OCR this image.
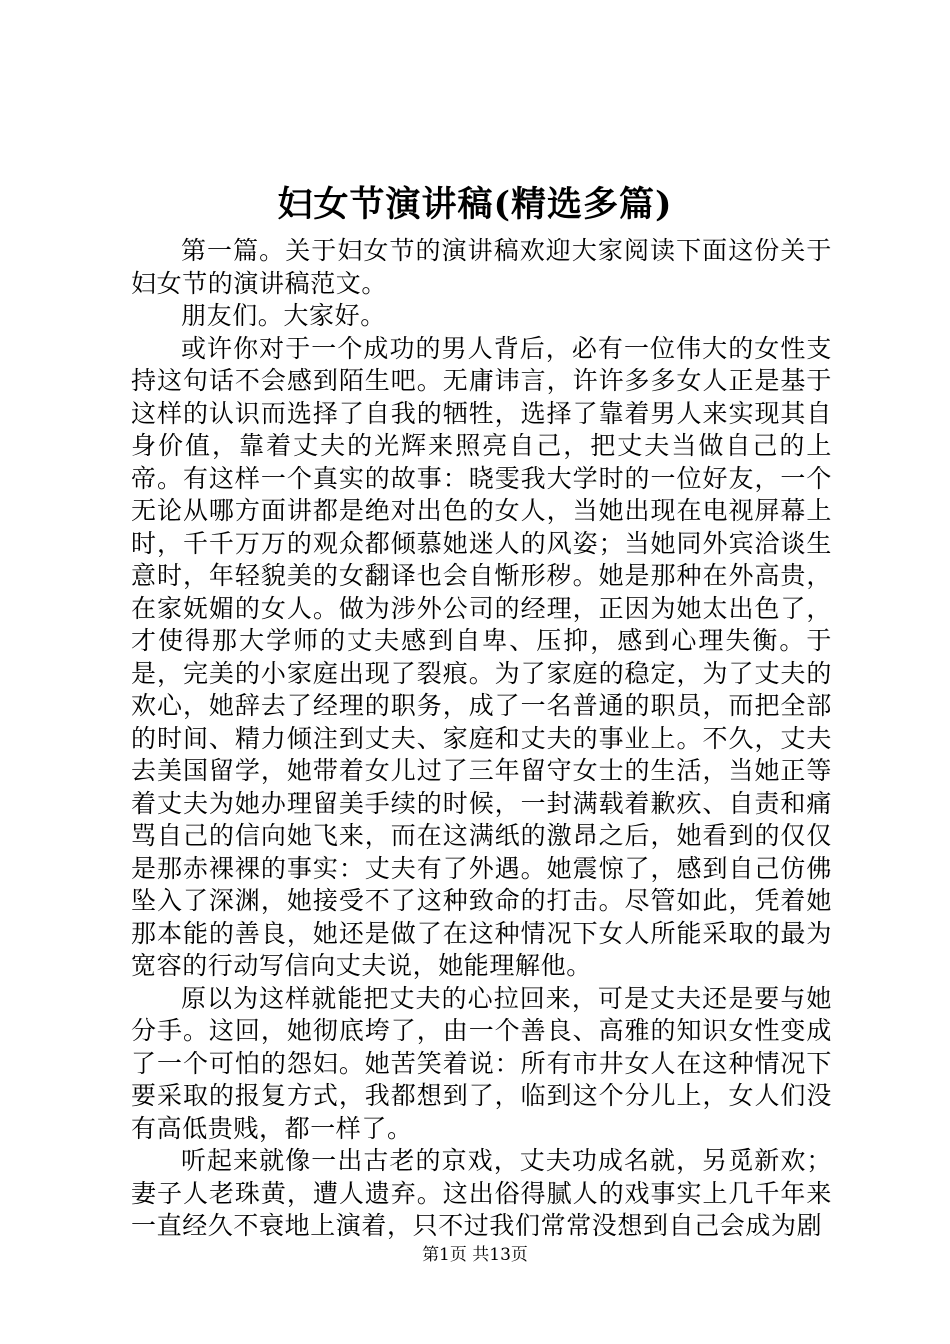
妇女节演讲稿(精选多篇)

第一篇。关于妇女节的演讲稿欢迎大家阅读下面这份关于妇女节的演讲稿范文。

朋友们。大家好。

或许你对于一个成功的男人背后，必有一位伟大的女性支持这句话不会感到陌生吧。无庸讳言，许许多多女人正是基于这样的认识而选择了自我的牺牲，选择了靠着男人来实现其自身价值，靠着丈夫的光辉来照亮自己，把丈夫当做自己的上帝。有这样一个真实的故事：晓雯我大学时的一位好友，一个无论从哪方面讲都是绝对出色的女人，当她出现在电视屏幕上时，千千万万的观众都倾慕她迷人的风姿；当她同外宾洽谈生意时，年轻貌美的女翻译也会自惭形秽。她是那种在外高贵，在家妩媚的女人。做为涉外公司的经理，正因为她太出色了，才使得那大学师的丈夫感到自卑、压抑，感到心理失衡。于是，完美的小家庭出现了裂痕。为了家庭的稳定，为了丈夫的欢心，她辞去了经理的职务，成了一名普通的职员，而把全部的时间、精力倾注到丈夫、家庭和丈夫的事业上。不久，丈夫去美国留学，她带着女儿过了三年留守女士的生活，当她正等着丈夫为她办理留美手续的时候，一封满载着歉疚、自责和痛骂自己的信向她飞来，而在这满纸的激昂之后，她看到的仅仅是那赤裸裸的事实：丈夫有了外遇。她震惊了，感到自己仿佛坠入了深渊，她接受不了这种致命的打击。尽管如此，凭着她那本能的善良，她还是做了在这种情况下女人所能采取的最为宽容的行动写信向丈夫说，她能理解他。

原以为这样就能把丈夫的心拉回来，可是丈夫还是要与她分手。这回，她彻底垮了，由一个善良、高雅的知识女性变成了一个可怕的怨妇。她苦笑着说：所有市井女人在这种情况下要采取的报复方式，我都想到了，临到这个分儿上，女人们没有高低贵贱，都一样了。

听起来就像一出古老的京戏，丈夫功成名就，另觅新欢；妻子人老珠黄，遭人遗弃。这出俗得腻人的戏事实上几千年来一直经久不衰地上演着，只不过我们常常没想到自己会成为剧

第1页 共13页
